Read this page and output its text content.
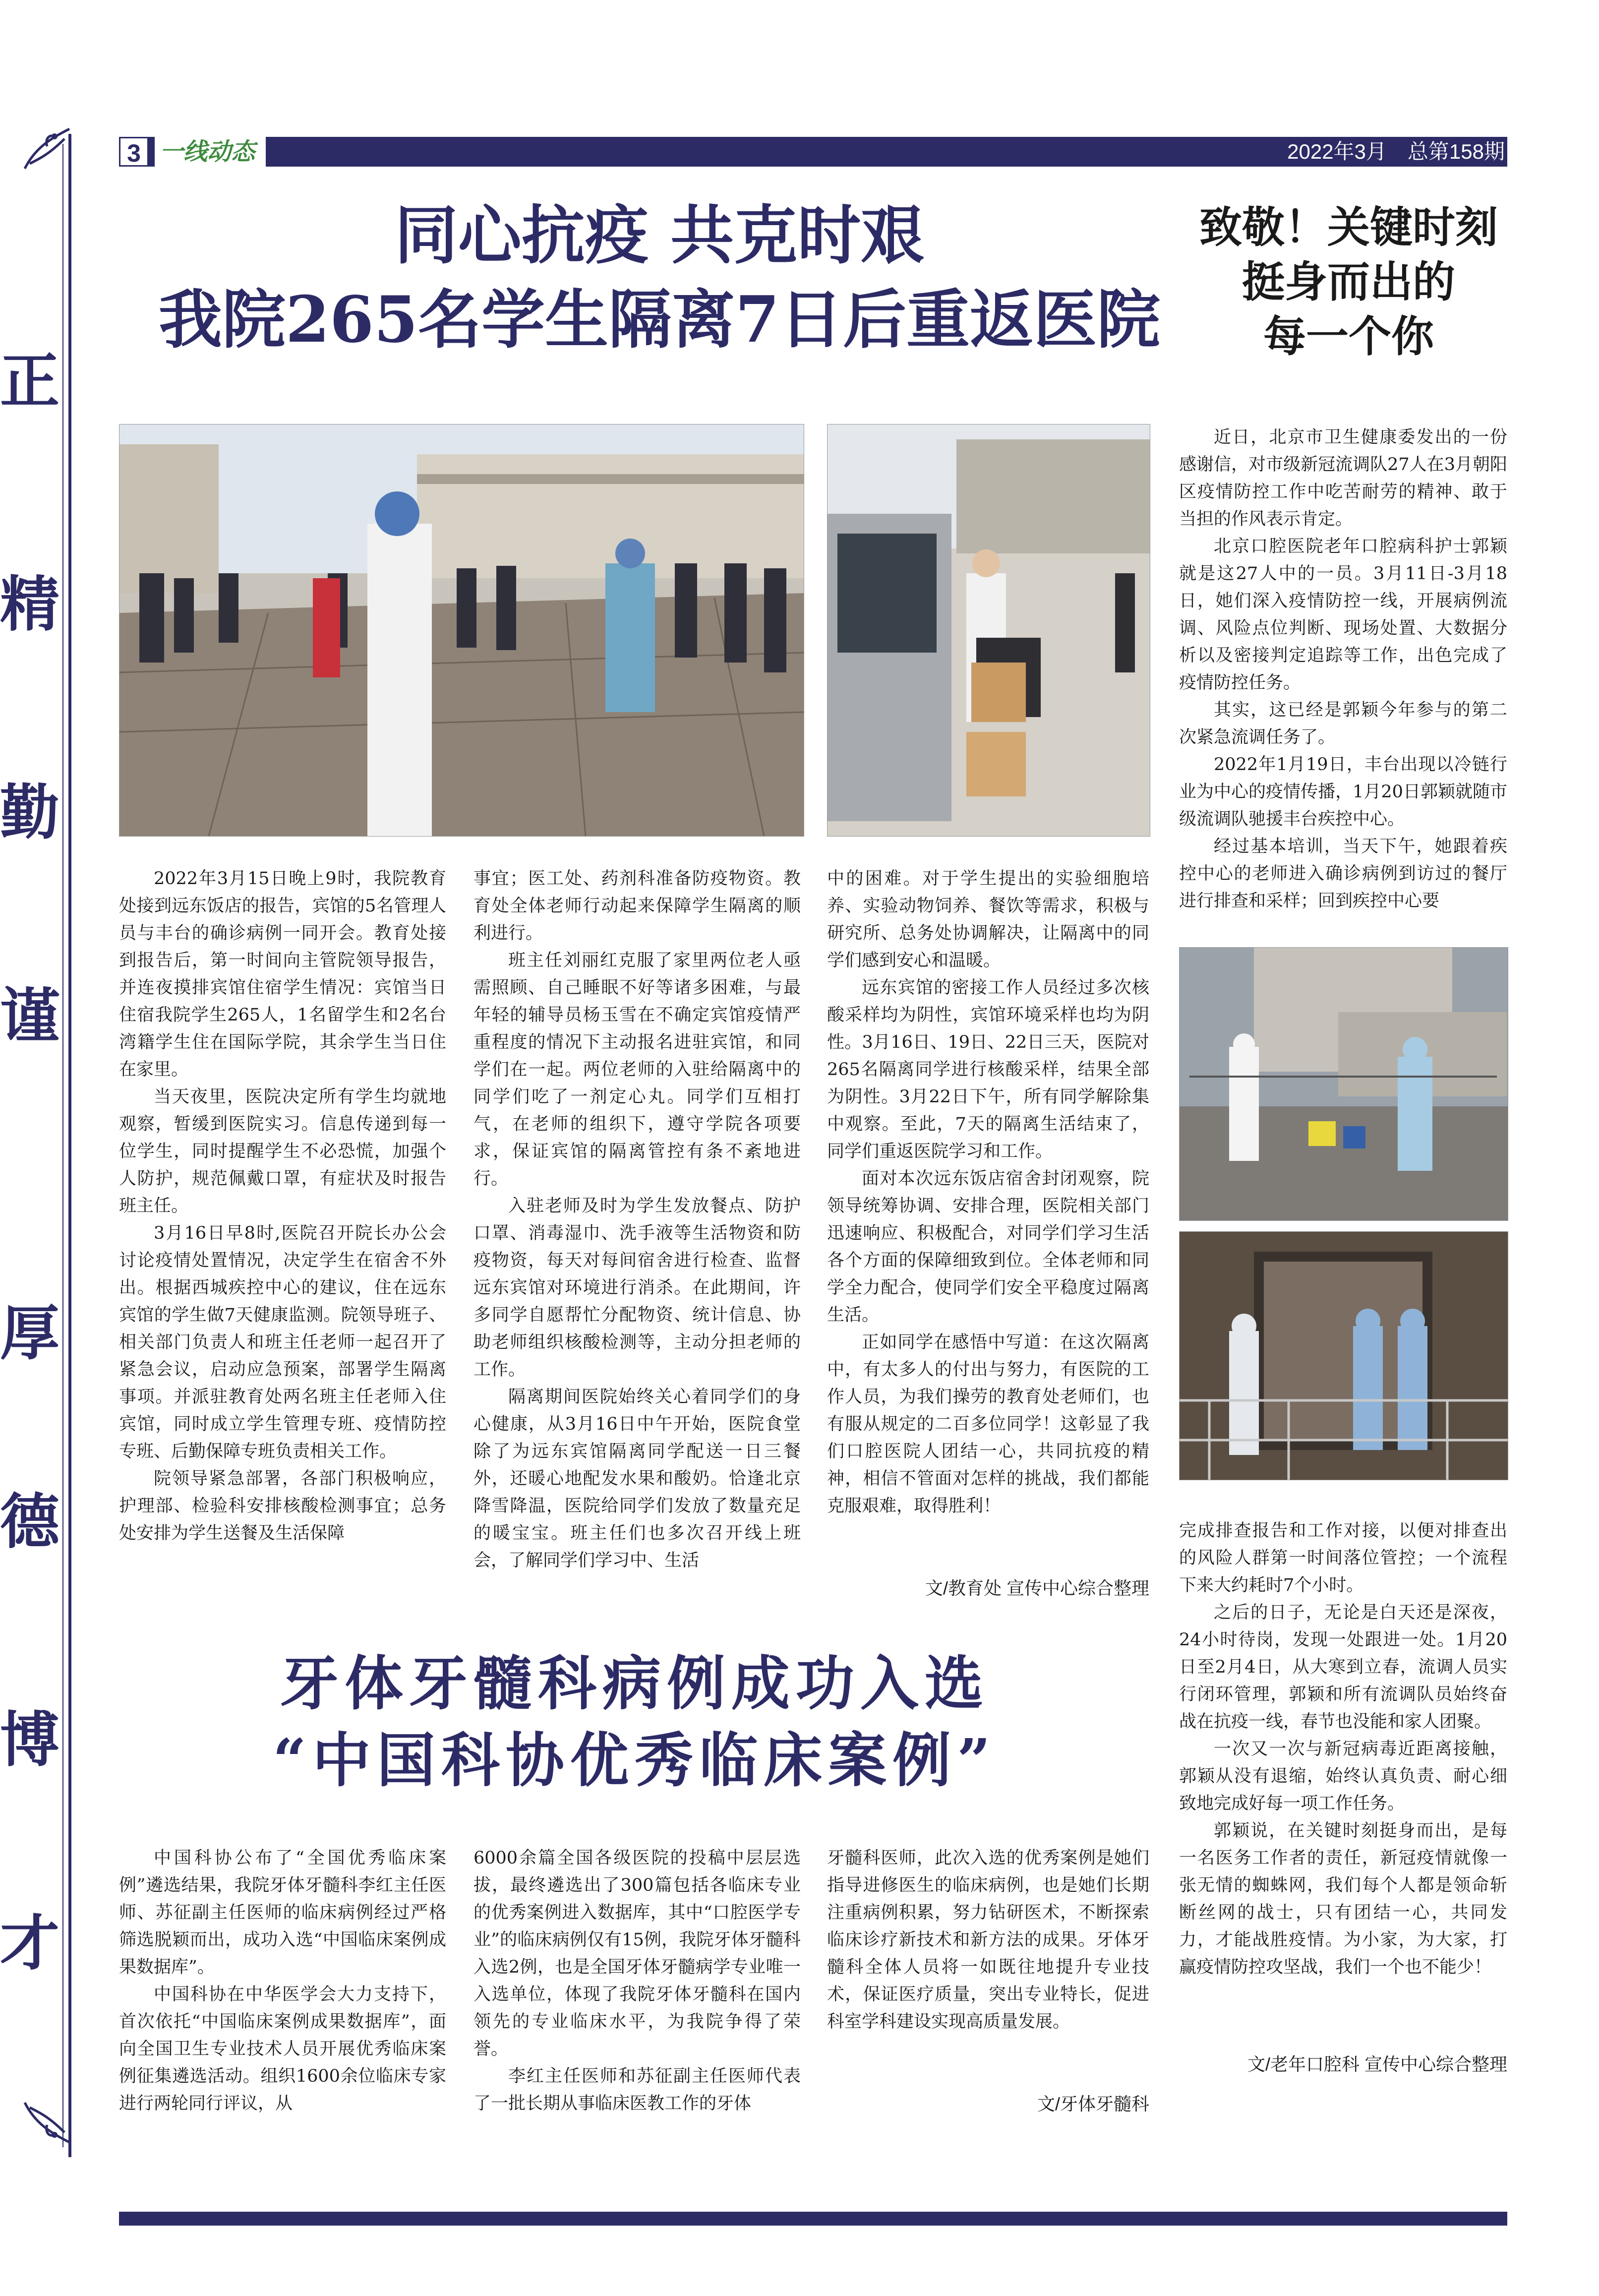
正
精
勤
谨
厚
德
博
才
3 一线动态	2022年3月　总第158期
同心抗疫 共克时艰
我院265名学生隔离7日后重返医院
致敬！关键时刻
挺身而出的
每一个你

2022年3月15日晚上9时，我院教育处接到远东饭店的报告，宾馆的5名管理人员与丰台的确诊病例一同开会。教育处接到报告后，第一时间向主管院领导报告，并连夜摸排宾馆住宿学生情况：宾馆当日住宿我院学生265人，1名留学生和2名台湾籍学生住在国际学院，其余学生当日住在家里。

当天夜里，医院决定所有学生均就地观察，暂缓到医院实习。信息传递到每一位学生，同时提醒学生不必恐慌，加强个人防护，规范佩戴口罩，有症状及时报告班主任。

3月16日早8时,医院召开院长办公会讨论疫情处置情况，决定学生在宿舍不外出。根据西城疾控中心的建议，住在远东宾馆的学生做7天健康监测。院领导班子、相关部门负责人和班主任老师一起召开了紧急会议，启动应急预案，部署学生隔离事项。并派驻教育处两名班主任老师入住宾馆，同时成立学生管理专班、疫情防控专班、后勤保障专班负责相关工作。

院领导紧急部署，各部门积极响应，护理部、检验科安排核酸检测事宜；总务处安排为学生送餐及生活保障

事宜；医工处、药剂科准备防疫物资。教育处全体老师行动起来保障学生隔离的顺利进行。

班主任刘丽红克服了家里两位老人亟需照顾、自己睡眠不好等诸多困难，与最年轻的辅导员杨玉雪在不确定宾馆疫情严重程度的情况下主动报名进驻宾馆，和同学们在一起。两位老师的入驻给隔离中的同学们吃了一剂定心丸。同学们互相打气，在老师的组织下，遵守学院各项要求，保证宾馆的隔离管控有条不紊地进行。

入驻老师及时为学生发放餐点、防护口罩、消毒湿巾、洗手液等生活物资和防疫物资，每天对每间宿舍进行检查、监督远东宾馆对环境进行消杀。在此期间，许多同学自愿帮忙分配物资、统计信息、协助老师组织核酸检测等，主动分担老师的工作。

隔离期间医院始终关心着同学们的身心健康，从3月16日中午开始，医院食堂除了为远东宾馆隔离同学配送一日三餐外，还暖心地配发水果和酸奶。恰逢北京降雪降温，医院给同学们发放了数量充足的暖宝宝。班主任们也多次召开线上班会，了解同学们学习中、生活

中的困难。对于学生提出的实验细胞培养、实验动物饲养、餐饮等需求，积极与研究所、总务处协调解决，让隔离中的同学们感到安心和温暖。

远东宾馆的密接工作人员经过多次核酸采样均为阴性，宾馆环境采样也均为阴性。3月16日、19日、22日三天，医院对265名隔离同学进行核酸采样，结果全部为阴性。3月22日下午，所有同学解除集中观察。至此，7天的隔离生活结束了，同学们重返医院学习和工作。

面对本次远东饭店宿舍封闭观察，院领导统筹协调、安排合理，医院相关部门迅速响应、积极配合，对同学们学习生活各个方面的保障细致到位。全体老师和同学全力配合，使同学们安全平稳度过隔离生活。

正如同学在感悟中写道：在这次隔离中，有太多人的付出与努力，有医院的工作人员，为我们操劳的教育处老师们，也有服从规定的二百多位同学！这彰显了我们口腔医院人团结一心，共同抗疫的精神，相信不管面对怎样的挑战，我们都能克服艰难，取得胜利！

文/教育处 宣传中心综合整理

近日，北京市卫生健康委发出的一份感谢信，对市级新冠流调队27人在3月朝阳区疫情防控工作中吃苦耐劳的精神、敢于当担的作风表示肯定。

北京口腔医院老年口腔病科护士郭颖就是这27人中的一员。3月11日-3月18日，她们深入疫情防控一线，开展病例流调、风险点位判断、现场处置、大数据分析以及密接判定追踪等工作，出色完成了疫情防控任务。

其实，这已经是郭颖今年参与的第二次紧急流调任务了。

2022年1月19日，丰台出现以冷链行业为中心的疫情传播，1月20日郭颖就随市级流调队驰援丰台疾控中心。

经过基本培训，当天下午，她跟着疾控中心的老师进入确诊病例到访过的餐厅进行排查和采样；回到疾控中心要

完成排查报告和工作对接，以便对排查出的风险人群第一时间落位管控；一个流程下来大约耗时7个小时。

之后的日子，无论是白天还是深夜，24小时待岗，发现一处跟进一处。1月20日至2月4日，从大寒到立春，流调人员实行闭环管理，郭颖和所有流调队员始终奋战在抗疫一线，春节也没能和家人团聚。

一次又一次与新冠病毒近距离接触，郭颖从没有退缩，始终认真负责、耐心细致地完成好每一项工作任务。

郭颖说，在关键时刻挺身而出，是每一名医务工作者的责任，新冠疫情就像一张无情的蜘蛛网，我们每个人都是领命斩断丝网的战士，只有团结一心，共同发力，才能战胜疫情。为小家，为大家，打赢疫情防控攻坚战，我们一个也不能少！

文/老年口腔科 宣传中心综合整理
牙体牙髓科病例成功入选
“中国科协优秀临床案例”

中国科协公布了“全国优秀临床案例”遴选结果，我院牙体牙髓科李红主任医师、苏征副主任医师的临床病例经过严格筛选脱颖而出，成功入选“中国临床案例成果数据库”。

中国科协在中华医学会大力支持下，首次依托“中国临床案例成果数据库”，面向全国卫生专业技术人员开展优秀临床案例征集遴选活动。组织1600余位临床专家进行两轮同行评议，从

6000余篇全国各级医院的投稿中层层选拔，最终遴选出了300篇包括各临床专业的优秀案例进入数据库，其中“口腔医学专业”的临床病例仅有15例，我院牙体牙髓科入选2例，也是全国牙体牙髓病学专业唯一入选单位，体现了我院牙体牙髓科在国内领先的专业临床水平，为我院争得了荣誉。

李红主任医师和苏征副主任医师代表了一批长期从事临床医教工作的牙体

牙髓科医师，此次入选的优秀案例是她们指导进修医生的临床病例，也是她们长期注重病例积累，努力钻研医术，不断探索临床诊疗新技术和新方法的成果。牙体牙髓科全体人员将一如既往地提升专业技术，保证医疗质量，突出专业特长，促进科室学科建设实现高质量发展。

文/牙体牙髓科
